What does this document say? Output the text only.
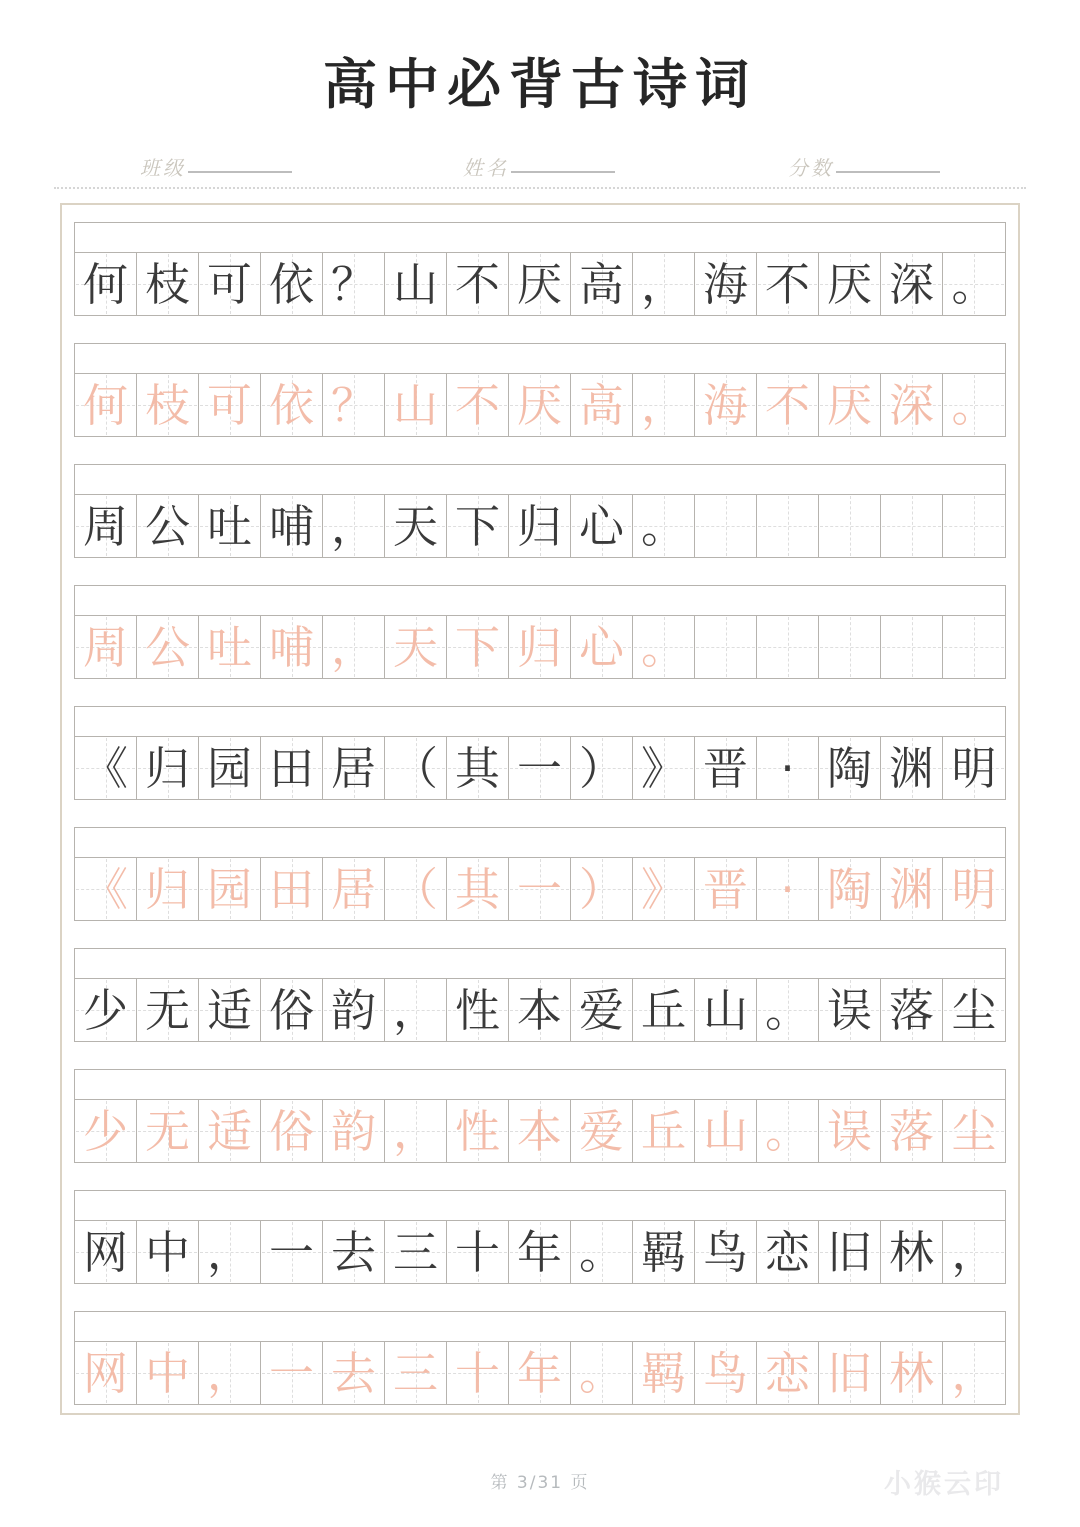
高中必背古诗词
班级	姓名	分数
何 枝 可 依 ？ 山 不 厌 高 ， 海 不 厌 深 。
何 枝 可 依 ？ 山 不 厌 高 ， 海 不 厌 深 。
周 公 吐 哺 ， 天 下 归 心 。
周 公 吐 哺 ， 天 下 归 心 。
《 归 园 田 居 （ 其 一 ） 》 晋 · 陶 渊 明
《 归 园 田 居 （ 其 一 ） 》 晋 · 陶 渊 明
少 无 适 俗 韵 ， 性 本 爱 丘 山 。 误 落 尘
少 无 适 俗 韵 ， 性 本 爱 丘 山 。 误 落 尘
网 中 ， 一 去 三 十 年 。 羁 鸟 恋 旧 林 ，
网 中 ， 一 去 三 十 年 。 羁 鸟 恋 旧 林 ，
第 3/31 页	小猴云印
